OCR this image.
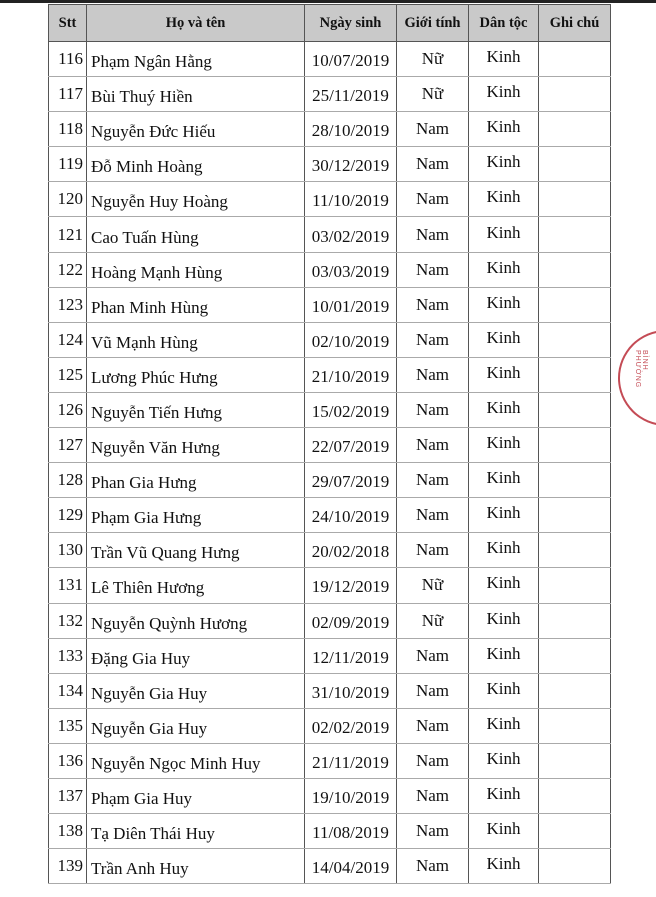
Stt	Họ và tên	Ngày sinh	Giới tính	Dân tộc	Ghi chú
116	Phạm Ngân Hằng	10/07/2019	Nữ	Kinh	
117	Bùi Thuý Hiền	25/11/2019	Nữ	Kinh	
118	Nguyễn Đức Hiếu	28/10/2019	Nam	Kinh	
119	Đỗ Minh Hoàng	30/12/2019	Nam	Kinh	
120	Nguyễn Huy Hoàng	11/10/2019	Nam	Kinh	
121	Cao Tuấn Hùng	03/02/2019	Nam	Kinh	
122	Hoàng Mạnh Hùng	03/03/2019	Nam	Kinh	
123	Phan Minh Hùng	10/01/2019	Nam	Kinh	
124	Vũ Mạnh Hùng	02/10/2019	Nam	Kinh	
125	Lương Phúc Hưng	21/10/2019	Nam	Kinh	
126	Nguyễn Tiến Hưng	15/02/2019	Nam	Kinh	
127	Nguyễn Văn Hưng	22/07/2019	Nam	Kinh	
128	Phan Gia Hưng	29/07/2019	Nam	Kinh	
129	Phạm Gia Hưng	24/10/2019	Nam	Kinh	
130	Trần Vũ Quang Hưng	20/02/2018	Nam	Kinh	
131	Lê Thiên Hương	19/12/2019	Nữ	Kinh	
132	Nguyễn Quỳnh Hương	02/09/2019	Nữ	Kinh	
133	Đặng Gia Huy	12/11/2019	Nam	Kinh	
134	Nguyễn Gia Huy	31/10/2019	Nam	Kinh	
135	Nguyễn Gia Huy	02/02/2019	Nam	Kinh	
136	Nguyễn Ngọc Minh Huy	21/11/2019	Nam	Kinh	
137	Phạm Gia Huy	19/10/2019	Nam	Kinh	
138	Tạ Diên Thái Huy	11/08/2019	Nam	Kinh	
139	Trần Anh Huy	14/04/2019	Nam	Kinh	
BÌNH PHƯỜNG
